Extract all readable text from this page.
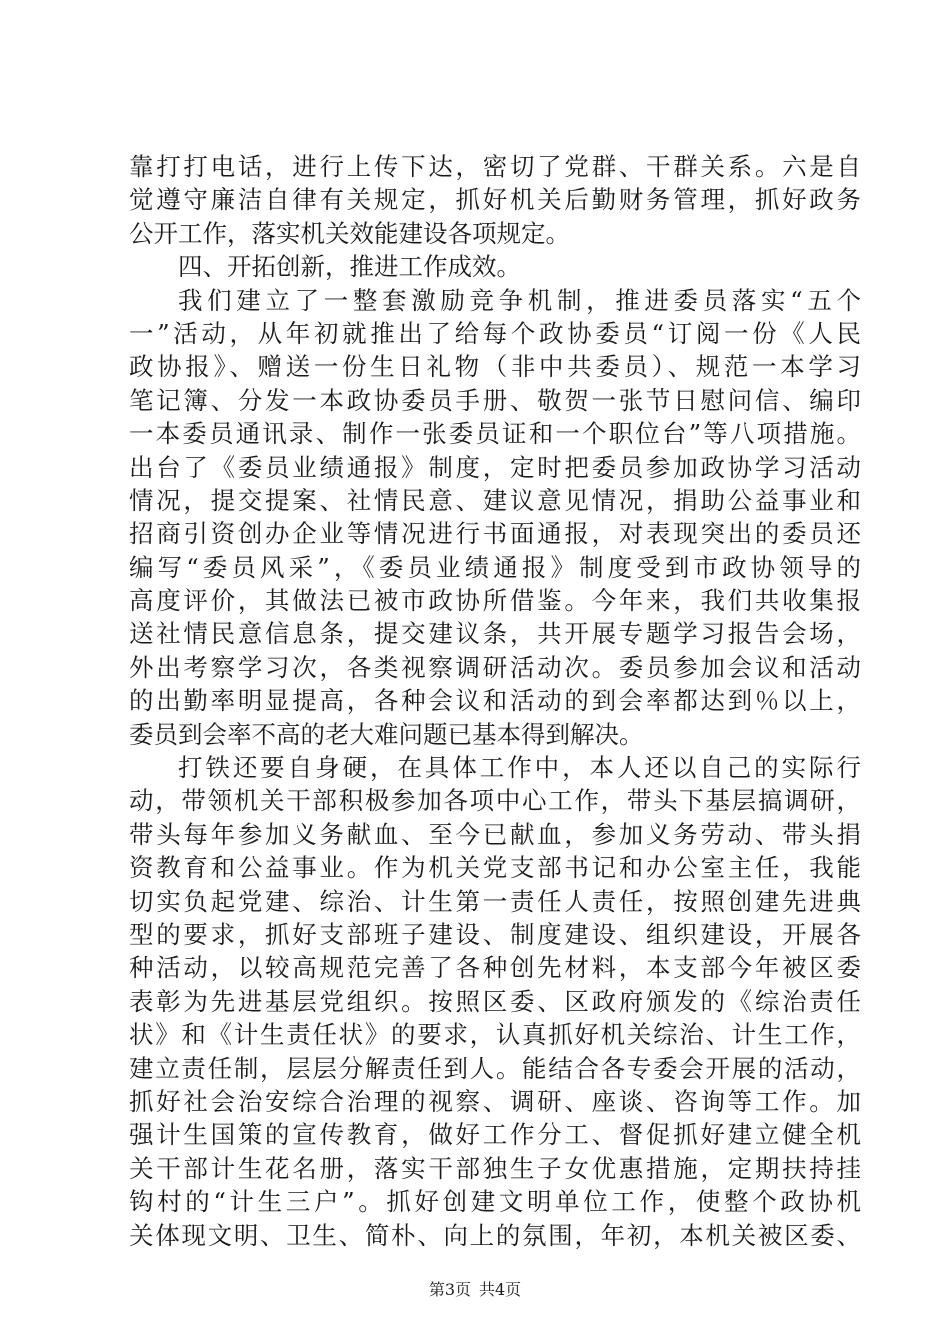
靠打打电话，进行上传下达，密切了党群、干群关系。六是自
觉遵守廉洁自律有关规定，抓好机关后勤财务管理，抓好政务
公开工作，落实机关效能建设各项规定。
四、开拓创新，推进工作成效。
我们建立了一整套激励竞争机制，推进委员落实“五个
一”活动，从年初就推出了给每个政协委员“订阅一份《人民
政协报》、赠送一份生日礼物（非中共委员）、规范一本学习
笔记簿、分发一本政协委员手册、敬贺一张节日慰问信、编印
一本委员通讯录、制作一张委员证和一个职位台”等八项措施。
出台了《委员业绩通报》制度，定时把委员参加政协学习活动
情况，提交提案、社情民意、建议意见情况，捐助公益事业和
招商引资创办企业等情况进行书面通报，对表现突出的委员还
编写“委员风采”，《委员业绩通报》制度受到市政协领导的
高度评价，其做法已被市政协所借鉴。今年来，我们共收集报
送社情民意信息条，提交建议条，共开展专题学习报告会场，
外出考察学习次，各类视察调研活动次。委员参加会议和活动
的出勤率明显提高，各种会议和活动的到会率都达到％以上，
委员到会率不高的老大难问题已基本得到解决。
打铁还要自身硬，在具体工作中，本人还以自己的实际行
动，带领机关干部积极参加各项中心工作，带头下基层搞调研，
带头每年参加义务献血、至今已献血，参加义务劳动、带头捐
资教育和公益事业。作为机关党支部书记和办公室主任，我能
切实负起党建、综治、计生第一责任人责任，按照创建先进典
型的要求，抓好支部班子建设、制度建设、组织建设，开展各
种活动，以较高规范完善了各种创先材料，本支部今年被区委
表彰为先进基层党组织。按照区委、区政府颁发的《综治责任
状》和《计生责任状》的要求，认真抓好机关综治、计生工作，
建立责任制，层层分解责任到人。能结合各专委会开展的活动，
抓好社会治安综合治理的视察、调研、座谈、咨询等工作。加
强计生国策的宣传教育，做好工作分工、督促抓好建立健全机
关干部计生花名册，落实干部独生子女优惠措施，定期扶持挂
钩村的“计生三户”。抓好创建文明单位工作，使整个政协机
关体现文明、卫生、简朴、向上的氛围，年初，本机关被区委、
第3页 共4页
